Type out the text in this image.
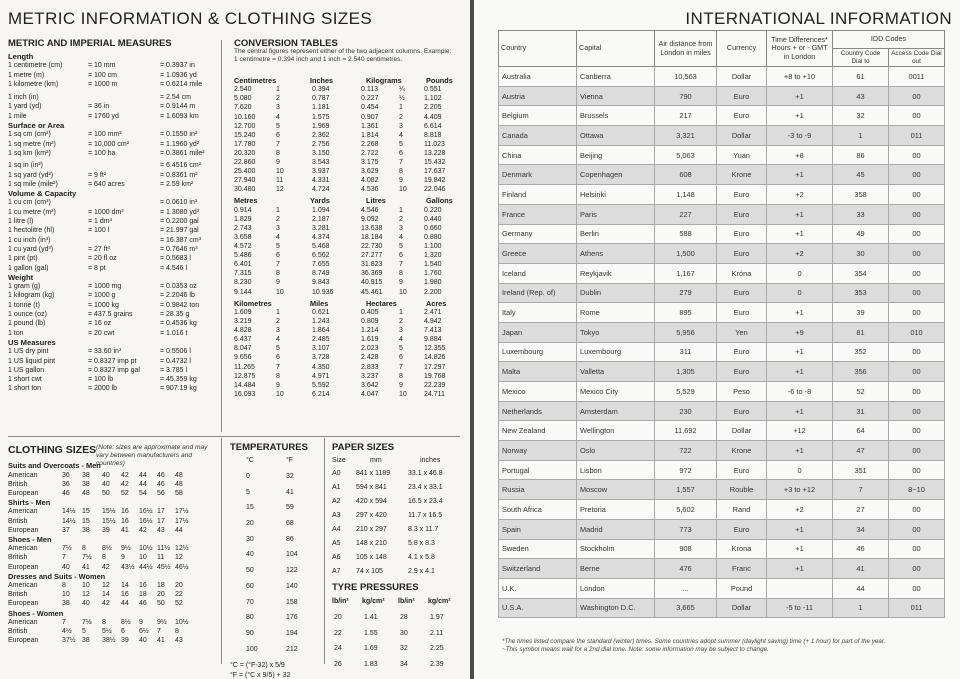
METRIC INFORMATION & CLOTHING SIZES
METRIC AND IMPERIAL MEASURES
Length
1 centimetre (cm)	= 10 mm	= 0.3937 in
1 metre (m)	= 100 cm	= 1.0936 yd
1 kilometre (km)	= 1000 m	= 0.6214 mile
1 inch (in)	= 2.54 cm
1 yard (yd)	= 36 in	= 0.9144 m
1 mile	= 1760 yd	= 1.6093 km
Surface or Area
1 sq cm (cm²)	= 100 mm²	= 0.1550 in²
1 sq metre (m²)	= 10,000 cm²	= 1.1960 yd²
1 sq km (km²)	= 100 ha	= 0.3861 mile²
1 sq in (in²)	= 6.4516 cm²
1 sq yard (yd²)	= 9 ft²	= 0.8361 m²
1 sq mile (mile²)	= 640 acres	= 2.59 km²
Volume & Capacity
1 cu cm (cm³)	= 0.0610 in³
1 cu metre (m³)	= 1000 dm³	= 1.3080 yd³
1 litre (l)	= 1 dm³	= 0.2200 gal
1 hectolitre (hl)	= 100 l	= 21.997 gal
1 cu inch (in³)	= 16.387 cm³
1 cu yard (yd³)	= 27 ft³	= 0.7646 m³
1 pint (pt)	= 20 fl oz	= 0.5683 l
1 gallon (gal)	= 8 pt	= 4.546 l
Weight
1 gram (g)	= 1000 mg	= 0.0353 oz
1 kilogram (kg)	= 1000 g	= 2.2046 lb
1 tonne (t)	= 1000 kg	= 0.9842 ton
1 ounce (oz)	= 437.5 grains	= 28.35 g
1 pound (lb)	= 16 oz	= 0.4536 kg
1 ton	= 20 cwt	= 1.016 t
US Measures
1 US dry pint	= 33.60 in³	= 0.5506 l
1 US liquid pint	= 0.8327 imp pt	= 0.4732 l
1 US gallon	= 0.8327 imp gal	= 3.785 l
1 short cwt	= 100 lb	= 45.359 kg
1 short ton	= 2000 lb	= 907.19 kg
CONVERSION TABLES
The central figures represent either of the two adjacent columns. Example: 1 centimetre = 0.394 inch and 1 inch = 2.540 centimetres.
Centimetres	Inches	Kilograms	Pounds
2.540	1	0.394	0.113	¼	0.551
5.080	2	0.787	0.227	½	1.102
7.620	3	1.181	0.454	1	2.205
10.160	4	1.575	0.907	2	4.409
12.700	5	1.969	1.361	3	6.614
15.240	6	2.362	1.814	4	8.818
17.780	7	2.756	2.268	5	11.023
20.320	8	3.150	2.722	6	13.228
22.860	9	3.543	3.175	7	15.432
25.400	10	3.937	3.629	8	17.637
27.940	11	4.331	4.082	9	19.842
30.480	12	4.724	4.536	10 22.046
Metres	Yards	Litres	Gallons
0.914	1	1.094	4.546	1	0.220
1.829	2	2.187	9.092	2	0.440
2.743	3	3.281	13.638 3	0.660
3.658	4	4.374	18.184 4	0.880
4.572	5	5.468	22.730 5	1.100
5.486	6	6.562	27.277 6	1.320
6.401	7	7.655	31.823 7	1.540
7.315	8	8.749	36.369 8	1.760
8.230	9	9.843	40.915 9	1.980
9.144	10	10.936	45.461 10 2.200
Kilometres	Miles	Hectares	Acres
1.609	1	0.621	0.405	1	2.471
3.219	2	1.243	0.809	2	4.942
4.828	3	1.864	1.214	3	7.413
6.437	4	2.485	1.619	4	9.884
8.047	5	3.107	2.023	5	12.355
9.656	6	3.728	2.428	6	14.826
11.265	7	4.350	2.833	7	17.297
12.875	8	4.971	3.237	8	19.768
14.484	9	5.592	3.642	9	22.239
16.093	10	6.214	4.047	10 24.711
CLOTHING SIZES (Note: sizes are approximate and may vary between manufacturers and countries)
Suits and Overcoats - Men
American	36 38 40 42 44 46 48
British	36 38 40 42 44 46 48
European	46 48 50 52 54 56 58
Shirts - Men
American	14½ 15 15½ 16 16½ 17 17½
British	14½ 15 15½ 16 16½ 17 17½
European	37 38 39 41 42 43 44
Shoes - Men
American	7½ 8 8½ 9½ 10½ 11½ 12½
British	7 7½ 8 9 10 11 12
European	40 41 42 43½ 44½ 45½ 46½
Dresses and Suits - Women
American	8 10 12 14 16 18 20
British	10 12 14 16 18 20 22
European	38 40 42 44 46 50 52
Shoes - Women
American	7 7½ 8 8½ 9 9½ 10½
British	4½ 5 5½ 6 6½ 7 8
European	37½ 38 38½ 39 40 41 43
TEMPERATURES
°C	°F
0	32
5	41
15	59
20	68
30	86
40	104
50	122
60	140
70	158
80	176
90	194
100	212
°C = (°F-32) x 5/9
°F = (°C x 9/5) + 32
PAPER SIZES
Size	mm	inches
A0 841 x 1189	33.1 x 46.8
A1 594 x 841	23.4 x 33.1
A2 420 x 594	16.5 x 23.4
A3 297 x 420	11.7 x 16.5
A4 210 x 297	8.3 x 11.7
A5 148 x 210	5.8 x 8.3
A6 105 x 148	4.1 x 5.8
A7 74 x 105	2.9 x 4.1
TYRE PRESSURES
lb/in² kg/cm² lb/in² kg/cm²
20	1.41	28	1.97
22	1.55	30	2.11
24	1.69	32	2.25
26	1.83	34	2.39
INTERNATIONAL INFORMATION
Country	Capital	Air distance from London in miles	Currency	Time Differences* Hours + or - GMT in London	IDD Codes	
					Country Code Dial to	Access Code Dial out
Australia	Canberra	10,563	Dollar	+8 to +10	61	0011
Austria	Vienna	790	Euro	+1	43	00
Belgium	Brussels	217	Euro	+1	32	00
Canada	Ottawa	3,321	Dollar	-3 to -9	1	011
China	Beijing	5,063	Yuan	+8	86	00
Denmark	Copenhagen	608	Krone	+1	45	00
Finland	Helsinki	1,148	Euro	+2	358	00
France	Paris	227	Euro	+1	33	00
Germany	Berlin	588	Euro	+1	49	00
Greece	Athens	1,500	Euro	+2	30	00
Iceland	Reykjavik	1,167	Króna	0	354	00
Ireland (Rep. of)	Dublin	279	Euro	0	353	00
Italy	Rome	895	Euro	+1	39	00
Japan	Tokyo	5,956	Yen	+9	81	010
Luxembourg	Luxembourg	311	Euro	+1	352	00
Malta	Valletta	1,305	Euro	+1	356	00
Mexico	Mexico City	5,529	Peso	-6 to -8	52	00
Netherlands	Amsterdam	230	Euro	+1	31	00
New Zealand	Wellington	11,692	Dollar	+12	64	00
Norway	Oslo	722	Krone	+1	47	00
Portugal	Lisbon	972	Euro	0	351	00
Russia	Moscow	1,557	Rouble	+3 to +12	7	8~10
South Africa	Pretoria	5,602	Rand	+2	27	00
Spain	Madrid	773	Euro	+1	34	00
Sweden	Stockholm	908	Krona	+1	46	00
Switzerland	Berne	476	Franc	+1	41	00
U.K.	London	...	Pound		44	00
U.S.A.	Washington D.C.	3,665	Dollar	-5 to -11	1	011
*The times listed compare the standard (winter) times. Some countries adopt summer (daylight saving) time (+ 1 hour) for part of the year.
~This symbol means wait for a 2nd dial tone. Note: some information may be subject to change.
